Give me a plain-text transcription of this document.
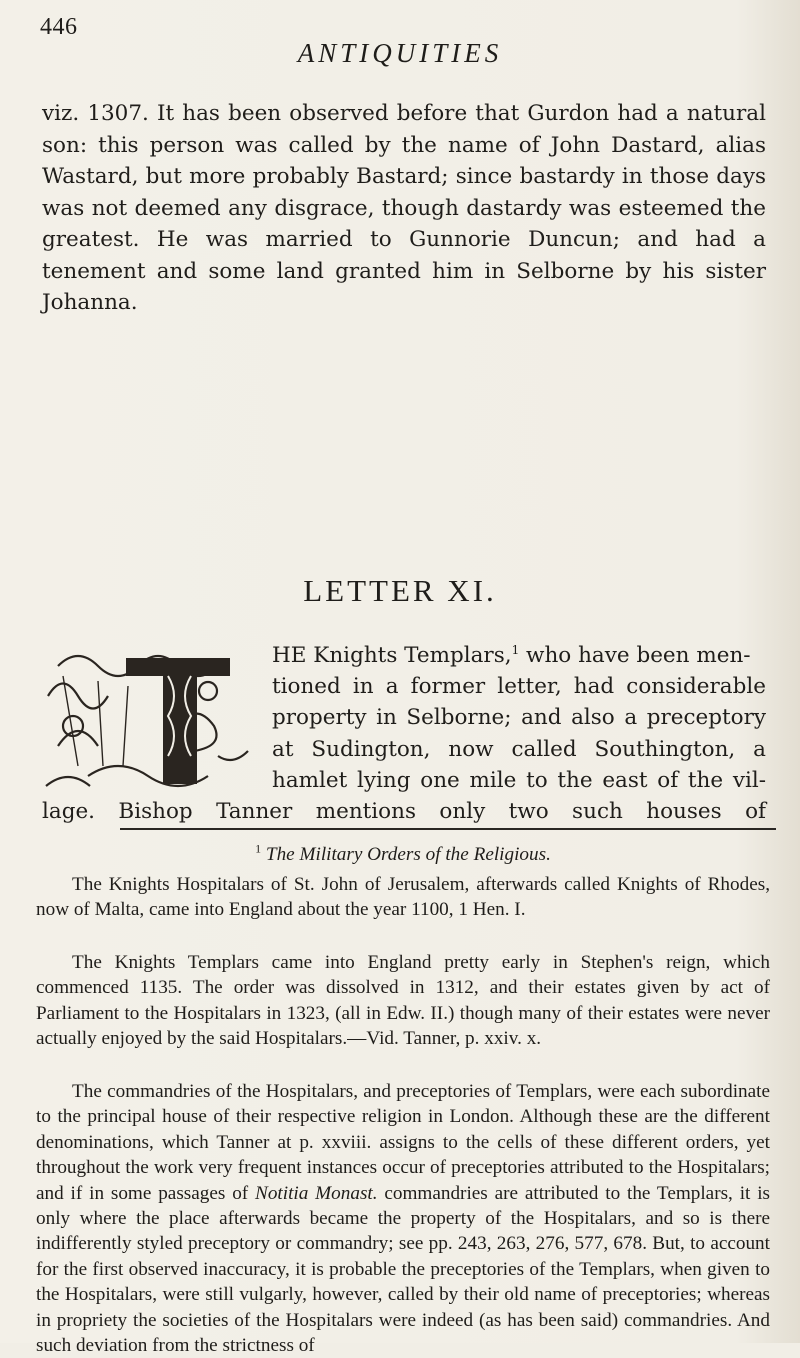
446
ANTIQUITIES

viz. 1307. It has been observed before that Gurdon had a natural son: this person was called by the name of John Dastard, alias Wastard, but more probably Bastard; since bastardy in those days was not deemed any disgrace, though dastardy was esteemed the greatest. He was married to Gunnorie Duncun; and had a tenement and some land granted him in Selborne by his sister Johanna.

LETTER XI.
T	HE Knights Templars,$^1$ who have been men-

tioned in a former letter, had considerable

property in Selborne; and also a preceptory

at Sudington, now called Southington, a

hamlet lying one mile to the east of the vil-

lage. Bishop Tanner mentions only two such houses of

$^1$ The Military Orders of the Religious.

The Knights Hospitalars of St. John of Jerusalem, afterwards called Knights of Rhodes, now of Malta, came into England about the year 1100, 1 Hen. I.

The Knights Templars came into England pretty early in Stephen's reign, which commenced 1135. The order was dissolved in 1312, and their estates given by act of Parliament to the Hospitalars in 1323, (all in Edw. II.) though many of their estates were never actually enjoyed by the said Hospitalars.—Vid. Tanner, p. xxiv. x.

The commandries of the Hospitalars, and preceptories of Templars, were each subordinate to the principal house of their respective religion in London. Although these are the different denominations, which Tanner at p. xxviii. assigns to the cells of these different orders, yet throughout the work very frequent instances occur of preceptories attributed to the Hospitalars; and if in some passages of Notitia Monast. commandries are attributed to the Templars, it is only where the place afterwards became the property of the Hospitalars, and so is there indifferently styled preceptory or commandry; see pp. 243, 263, 276, 577, 678. But, to account for the first observed inaccuracy, it is probable the preceptories of the Templars, when given to the Hospitalars, were still vulgarly, however, called by their old name of preceptories; whereas in propriety the societies of the Hospitalars were indeed (as has been said) commandries. And such deviation from the strictness of
